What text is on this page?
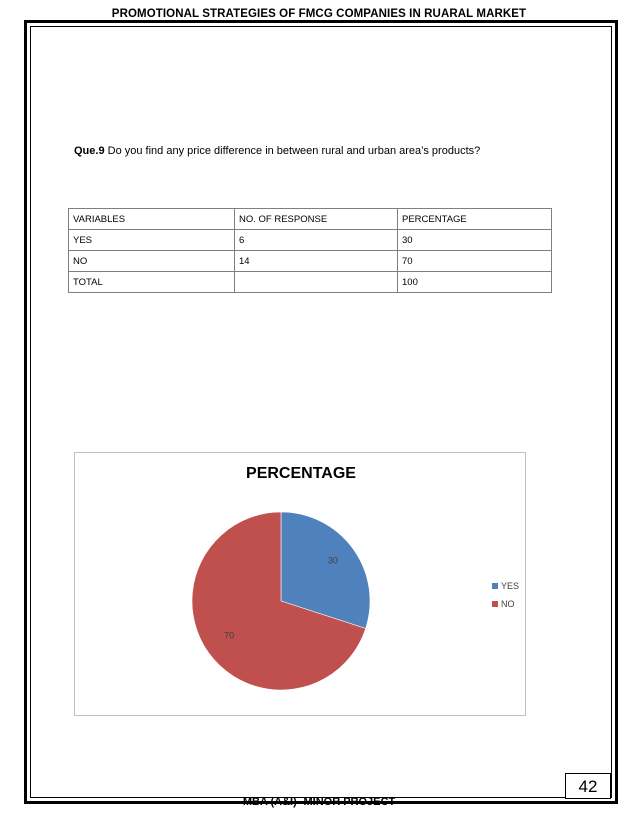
PROMOTIONAL STRATEGIES OF FMCG COMPANIES IN RUARAL MARKET
Que.9 Do you find any price difference in between rural and urban area’s products?
VARIABLES	NO. OF RESPONSE	PERCENTAGE
YES	6	30
NO	14	70
TOTAL		100
PERCENTAGE
30
70
YES
NO
MBA (A&I)- MINOR PROJECT
42
